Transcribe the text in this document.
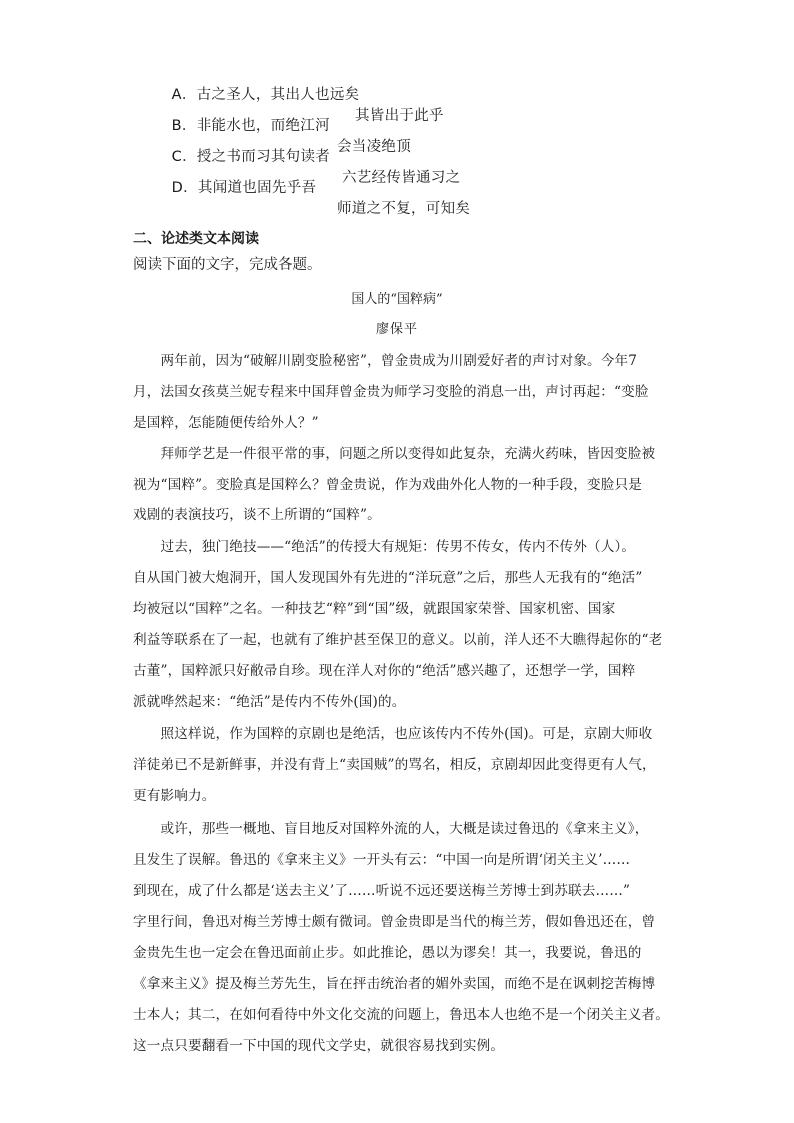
A．古之圣人，其出人也远矣

其皆出于此乎

B．非能水也，而绝江河

会当凌绝顶

C．授之书而习其句读者

六艺经传皆通习之

D．其闻道也固先乎吾

师道之不复，可知矣

二、论述类文本阅读
阅读下面的文字，完成各题。
国人的“国粹病”
廖保平
　　两年前，因为“破解川剧变脸秘密”，曾金贵成为川剧爱好者的声讨对象。今年7
月，法国女孩莫兰妮专程来中国拜曾金贵为师学习变脸的消息一出，声讨再起：“变脸
是国粹，怎能随便传给外人？”
　　拜师学艺是一件很平常的事，问题之所以变得如此复杂，充满火药味，皆因变脸被
视为“国粹”。变脸真是国粹么？曾金贵说，作为戏曲外化人物的一种手段，变脸只是
戏剧的表演技巧，谈不上所谓的“国粹”。
　　过去，独门绝技——“绝活”的传授大有规矩：传男不传女，传内不传外（人）。
自从国门被大炮洞开，国人发现国外有先进的“洋玩意”之后，那些人无我有的“绝活”
均被冠以“国粹”之名。一种技艺“粹”到“国”级，就跟国家荣誉、国家机密、国家
利益等联系在了一起，也就有了维护甚至保卫的意义。以前，洋人还不大瞧得起你的“老
古董”，国粹派只好敝帚自珍。现在洋人对你的“绝活”感兴趣了，还想学一学，国粹
派就哗然起来：“绝活”是传内不传外(国)的。
　　照这样说，作为国粹的京剧也是绝活，也应该传内不传外(国)。可是，京剧大师收
洋徒弟已不是新鲜事，并没有背上“卖国贼”的骂名，相反，京剧却因此变得更有人气，
更有影响力。
　　或许，那些一概地、盲目地反对国粹外流的人，大概是读过鲁迅的《拿来主义》，
且发生了误解。鲁迅的《拿来主义》一开头有云：“中国一向是所谓‘闭关主义’……
到现在，成了什么都是‘送去主义’了……听说不远还要送梅兰芳博士到苏联去……”
字里行间，鲁迅对梅兰芳博士颇有微词。曾金贵即是当代的梅兰芳，假如鲁迅还在，曾
金贵先生也一定会在鲁迅面前止步。如此推论，愚以为谬矣！其一，我要说，鲁迅的
《拿来主义》提及梅兰芳先生，旨在抨击统治者的媚外卖国，而绝不是在讽刺挖苦梅博
士本人；其二，在如何看待中外文化交流的问题上，鲁迅本人也绝不是一个闭关主义者。
这一点只要翻看一下中国的现代文学史，就很容易找到实例。
